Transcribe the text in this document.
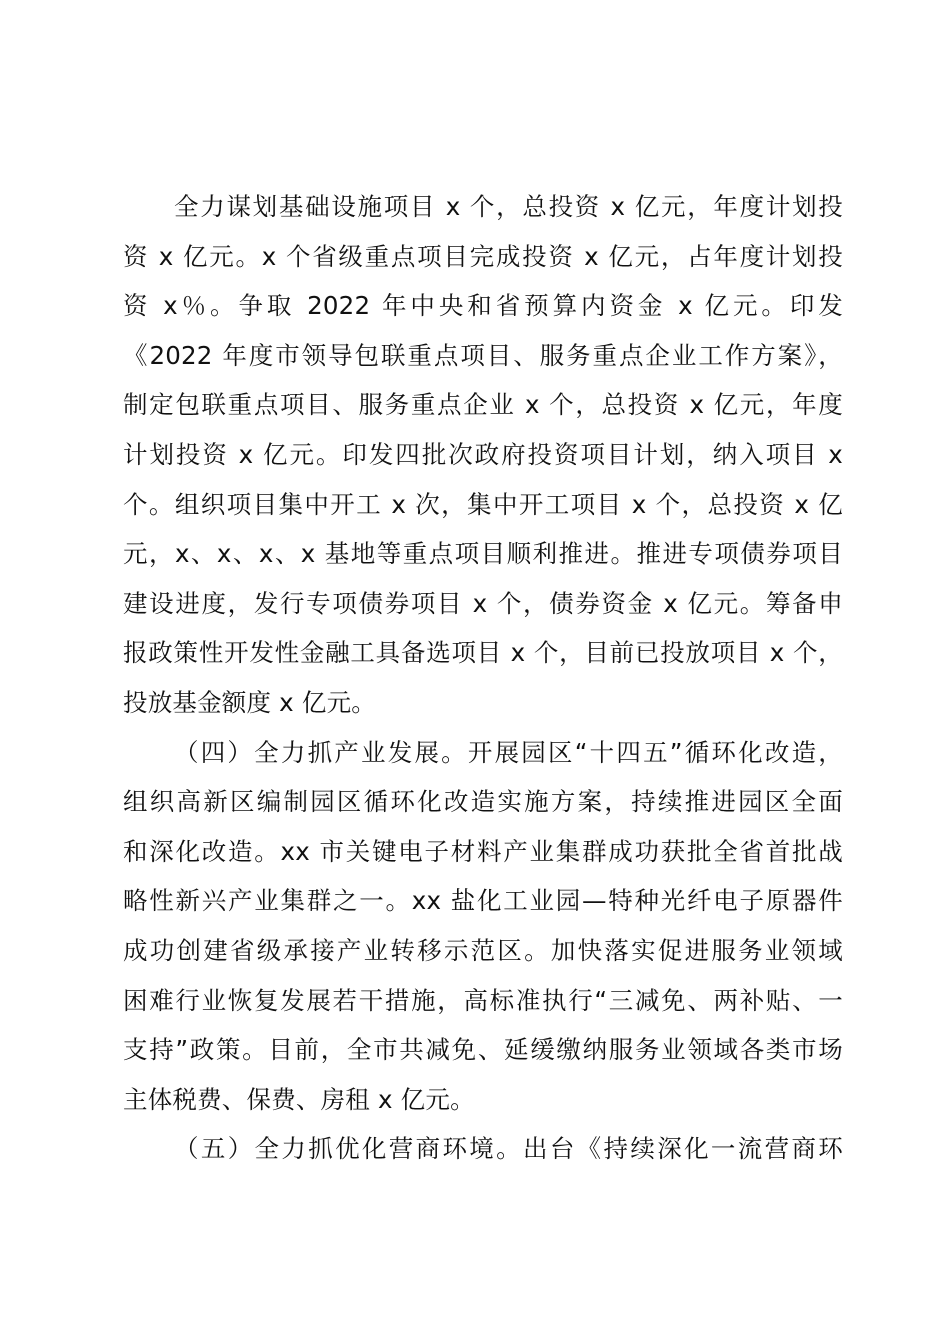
全力谋划基础设施项目 x 个，总投资 x 亿元，年度计划投
资 x 亿元。x 个省级重点项目完成投资 x 亿元，占年度计划投
资 x％。争取 2022 年中央和省预算内资金 x 亿元。印发
《2022 年度市领导包联重点项目、服务重点企业工作方案》，
制定包联重点项目、服务重点企业 x 个，总投资 x 亿元，年度
计划投资 x 亿元。印发四批次政府投资项目计划，纳入项目 x
个。组织项目集中开工 x 次，集中开工项目 x 个，总投资 x 亿
元，x、x、x、x 基地等重点项目顺利推进。推进专项债券项目
建设进度，发行专项债券项目 x 个，债券资金 x 亿元。筹备申
报政策性开发性金融工具备选项目 x 个，目前已投放项目 x 个，
投放基金额度 x 亿元。
（四）全力抓产业发展。开展园区“十四五”循环化改造，
组织高新区编制园区循环化改造实施方案，持续推进园区全面
和深化改造。xx 市关键电子材料产业集群成功获批全省首批战
略性新兴产业集群之一。xx 盐化工业园—特种光纤电子原器件
成功创建省级承接产业转移示范区。加快落实促进服务业领域
困难行业恢复发展若干措施，高标准执行“三减免、两补贴、一
支持”政策。目前，全市共减免、延缓缴纳服务业领域各类市场
主体税费、保费、房租 x 亿元。
（五）全力抓优化营商环境。出台《持续深化一流营商环
